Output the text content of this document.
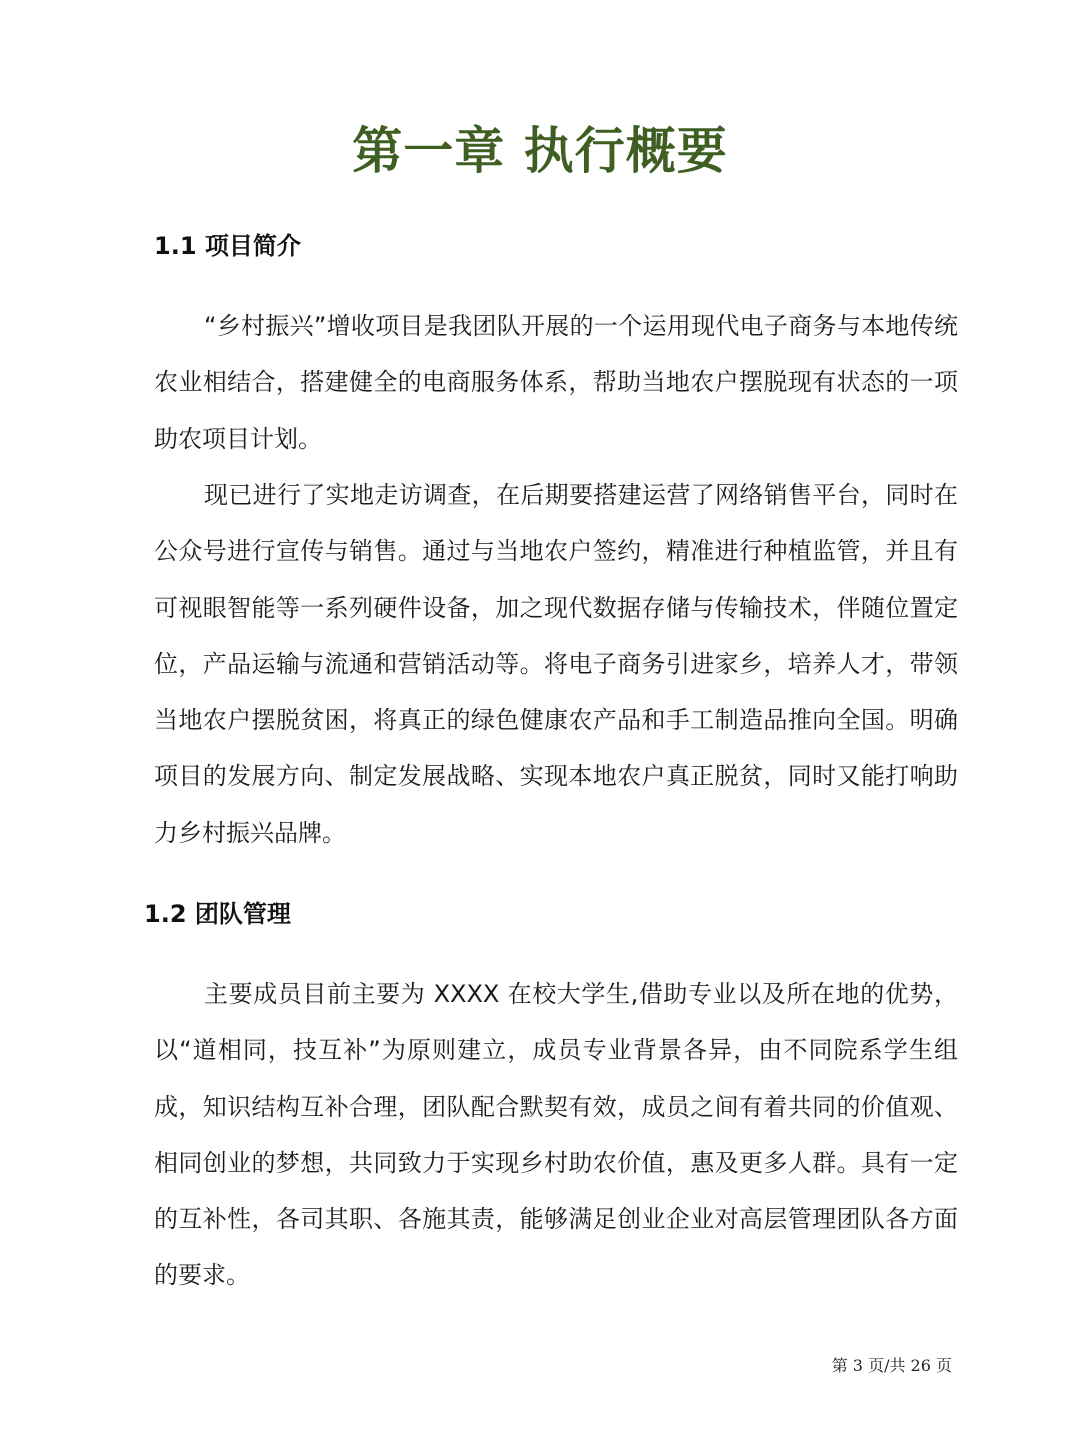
第一章 执行概要
1.1 项目简介

“乡村振兴”增收项目是我团队开展的一个运用现代电子商务与本地传统农业相结合，搭建健全的电商服务体系，帮助当地农户摆脱现有状态的一项助农项目计划。

现已进行了实地走访调查，在后期要搭建运营了网络销售平台，同时在公众号进行宣传与销售。通过与当地农户签约，精准进行种植监管，并且有可视眼智能等一系列硬件设备，加之现代数据存储与传输技术，伴随位置定位，产品运输与流通和营销活动等。将电子商务引进家乡，培养人才，带领当地农户摆脱贫困，将真正的绿色健康农产品和手工制造品推向全国。明确项目的发展方向、制定发展战略、实现本地农户真正脱贫，同时又能打响助力乡村振兴品牌。

1.2 团队管理

主要成员目前主要为 XXXX 在校大学生,借助专业以及所在地的优势，以“道相同，技互补”为原则建立，成员专业背景各异，由不同院系学生组成，知识结构互补合理，团队配合默契有效，成员之间有着共同的价值观、相同创业的梦想，共同致力于实现乡村助农价值，惠及更多人群。具有一定的互补性，各司其职、各施其责，能够满足创业企业对高层管理团队各方面的要求。

第 3 页/共 26 页
